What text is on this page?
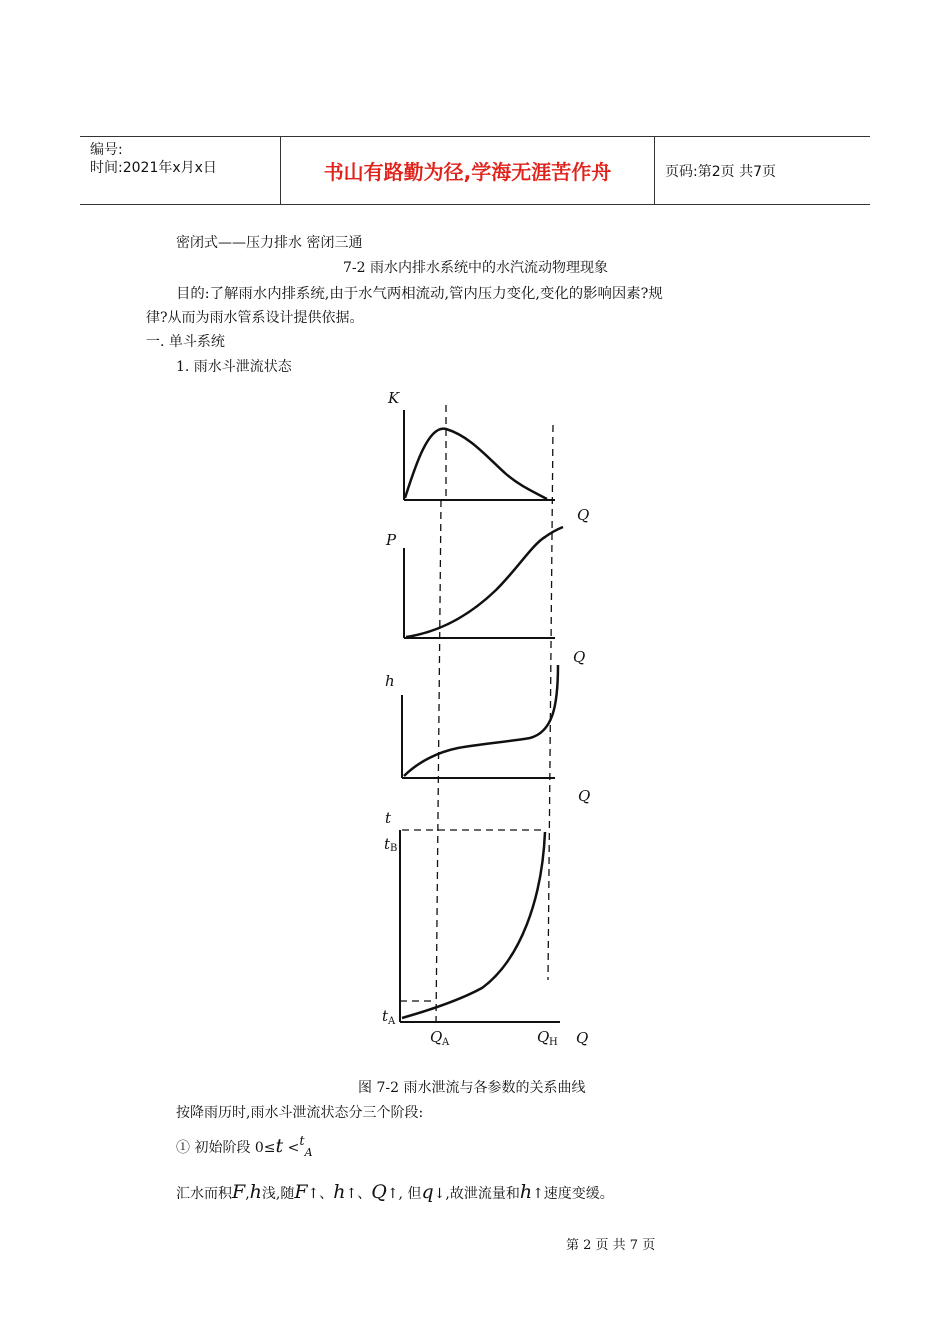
编号:
时间:2021年x月x日	书山有路勤为径,学海无涯苦作舟	页码:第2页 共7页
密闭式——压力排水 密闭三通
7-2 雨水内排水系统中的水汽流动物理现象
目的:了解雨水内排系统,由于水气两相流动,管内压力变化,变化的影响因素?规
律?从而为雨水管系设计提供依据。
一. 单斗系统
1. 雨水斗泄流状态
K
Q
P
Q
h
Q
t
t B
t A
Q A	Q H Q
图 7-2 雨水泄流与各参数的关系曲线
按降雨历时,雨水斗泄流状态分三个阶段:
① 初始阶段 $0\le t <t_A$
汇水而积F,h浅,随F↑、h↑、Q↑, 但q↓,故泄流量和h↑速度变缓。
第 2 页 共 7 页
